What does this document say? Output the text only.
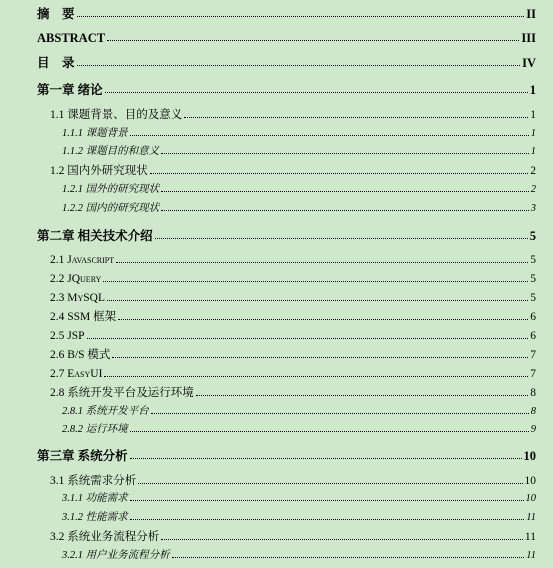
摘　要	II
ABSTRACT	III
目　录	IV
第一章 绪论	1
1.1 课题背景、目的及意义	1
1.1.1 课题背景	1
1.1.2 课题目的和意义	1
1.2 国内外研究现状	2
1.2.1 国外的研究现状	2
1.2.2 国内的研究现状	3
第二章 相关技术介绍	5
2.1 Javascript	5
2.2 JQuery	5
2.3 MySQL	5
2.4 SSM 框架	6
2.5 JSP	6
2.6 B/S 模式	7
2.7 EasyUI	7
2.8 系统开发平台及运行环境	8
2.8.1 系统开发平台	8
2.8.2 运行环境	9
第三章 系统分析	10
3.1 系统需求分析	10
3.1.1 功能需求	10
3.1.2 性能需求	11
3.2 系统业务流程分析	11
3.2.1 用户业务流程分析	11
